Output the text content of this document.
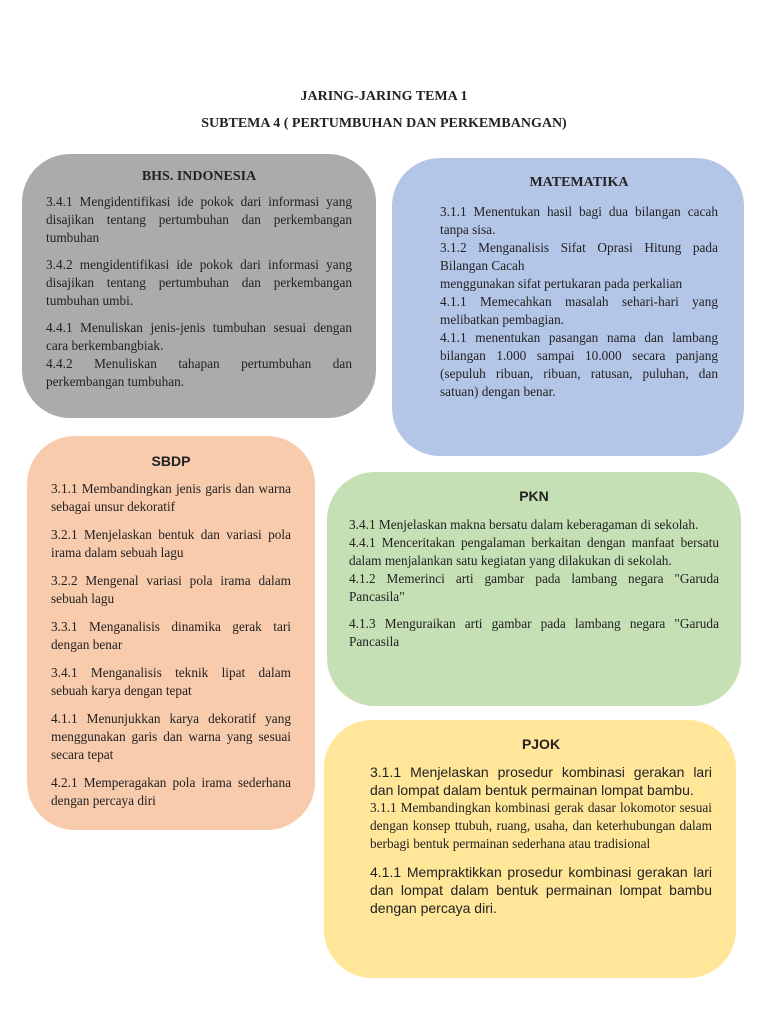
JARING-JARING TEMA 1
SUBTEMA 4 ( PERTUMBUHAN DAN PERKEMBANGAN)
BHS. INDONESIA

3.4.1 Mengidentifikasi ide pokok dari informasi yang disajikan tentang pertumbuhan dan perkembangan tumbuhan

3.4.2 mengidentifikasi ide pokok dari informasi yang disajikan tentang pertumbuhan dan perkembangan tumbuhan umbi.

4.4.1 Menuliskan jenis-jenis tumbuhan sesuai dengan cara berkembangbiak.

4.4.2 Menuliskan tahapan pertumbuhan dan perkembangan tumbuhan.

MATEMATIKA

3.1.1 Menentukan hasil bagi dua bilangan cacah tanpa sisa.

3.1.2 Menganalisis Sifat Oprasi Hitung pada Bilangan Cacah

menggunakan sifat pertukaran pada perkalian

4.1.1 Memecahkan masalah sehari-hari yang melibatkan pembagian.

4.1.1 menentukan pasangan nama dan lambang bilangan 1.000 sampai 10.000 secara panjang (sepuluh ribuan, ribuan, ratusan, puluhan, dan satuan) dengan benar.

SBDP

3.1.1 Membandingkan jenis garis dan warna sebagai unsur dekoratif

3.2.1 Menjelaskan bentuk dan variasi pola irama dalam sebuah lagu

3.2.2 Mengenal variasi pola irama dalam sebuah lagu

3.3.1 Menganalisis dinamika gerak tari dengan benar

3.4.1 Menganalisis teknik lipat dalam sebuah karya dengan tepat

4.1.1 Menunjukkan karya dekoratif yang menggunakan garis dan warna yang sesuai secara tepat

4.2.1 Memperagakan pola irama sederhana dengan percaya diri

PKN

3.4.1 Menjelaskan makna bersatu dalam keberagaman di sekolah.

4.4.1 Menceritakan pengalaman berkaitan dengan manfaat bersatu dalam menjalankan satu kegiatan yang dilakukan di sekolah.

4.1.2 Memerinci arti gambar pada lambang negara "Garuda Pancasila"

4.1.3 Menguraikan arti gambar pada lambang negara "Garuda Pancasila

PJOK

3.1.1 Menjelaskan prosedur kombinasi gerakan lari dan lompat dalam bentuk permainan lompat bambu.

3.1.1 Membandingkan kombinasi gerak dasar lokomotor sesuai dengan konsep ttubuh, ruang, usaha, dan keterhubungan dalam berbagi bentuk permainan sederhana atau tradisional

4.1.1 Mempraktikkan prosedur kombinasi gerakan lari dan lompat dalam bentuk permainan lompat bambu dengan percaya diri.
